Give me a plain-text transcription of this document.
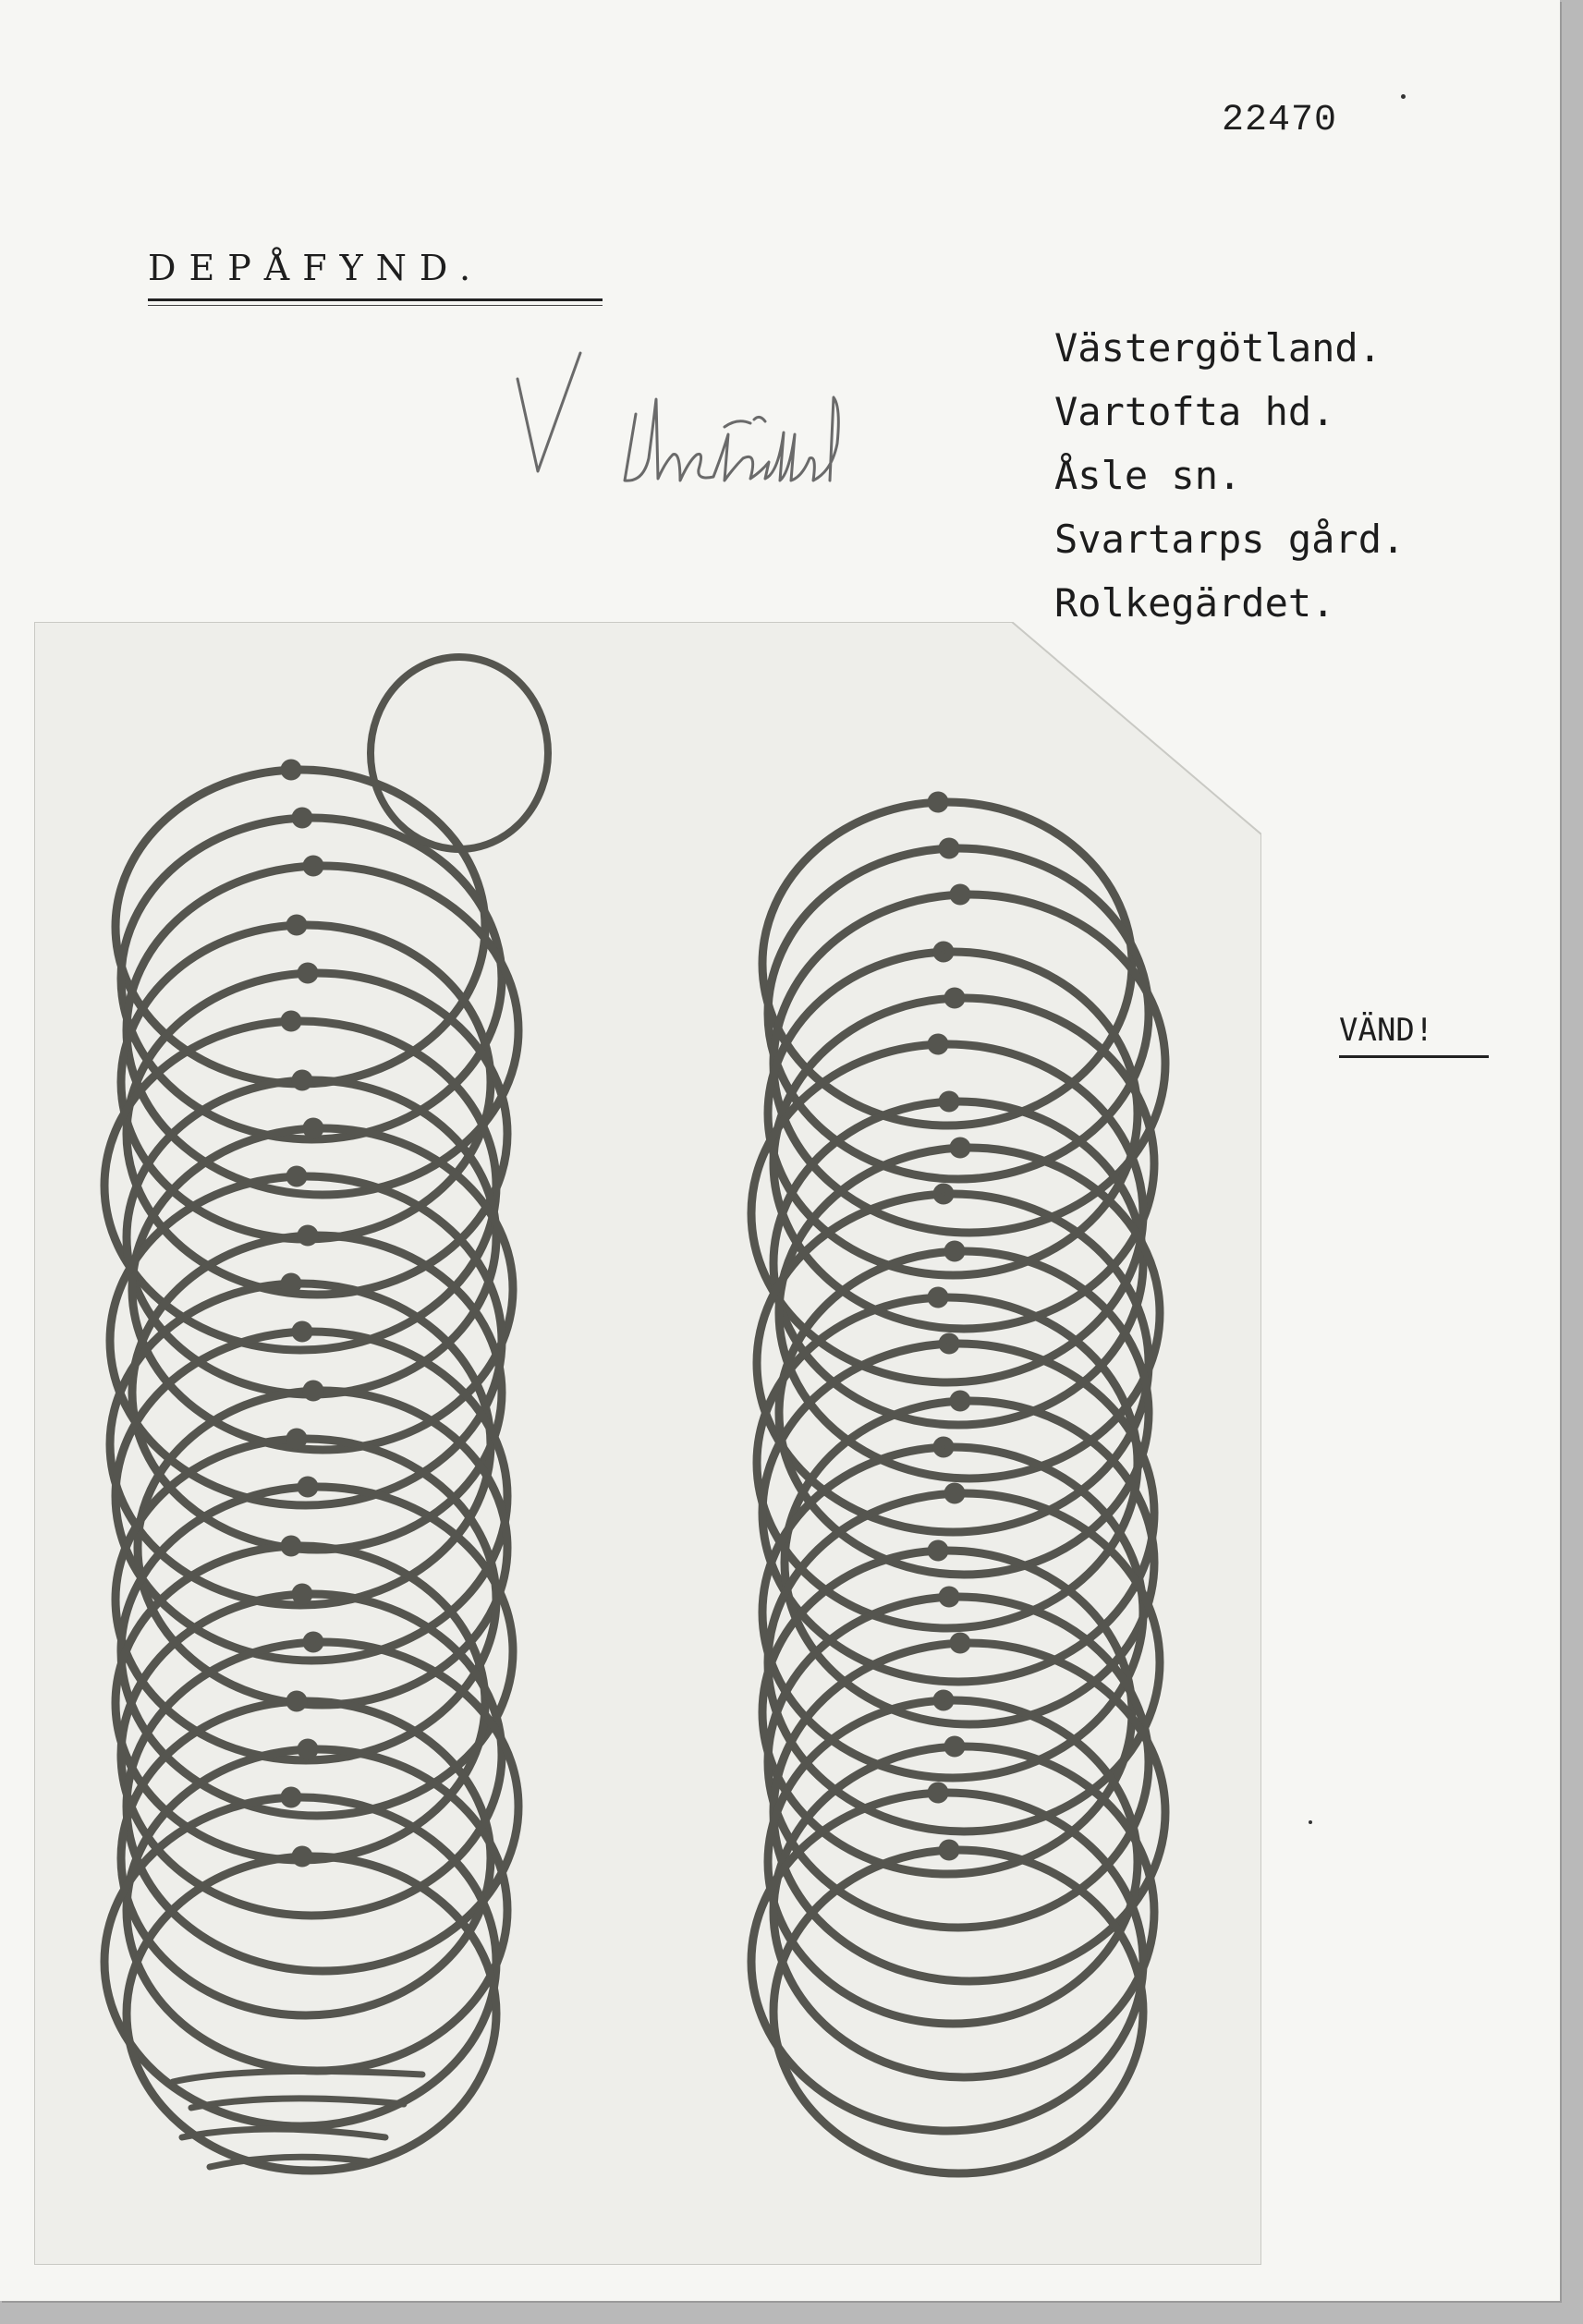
22470

DEPÅFYND.

Västergötland.
Vartofta hd.
Åsle sn.
Svartarps gård.
Rolkegärdet.

VÄND!
